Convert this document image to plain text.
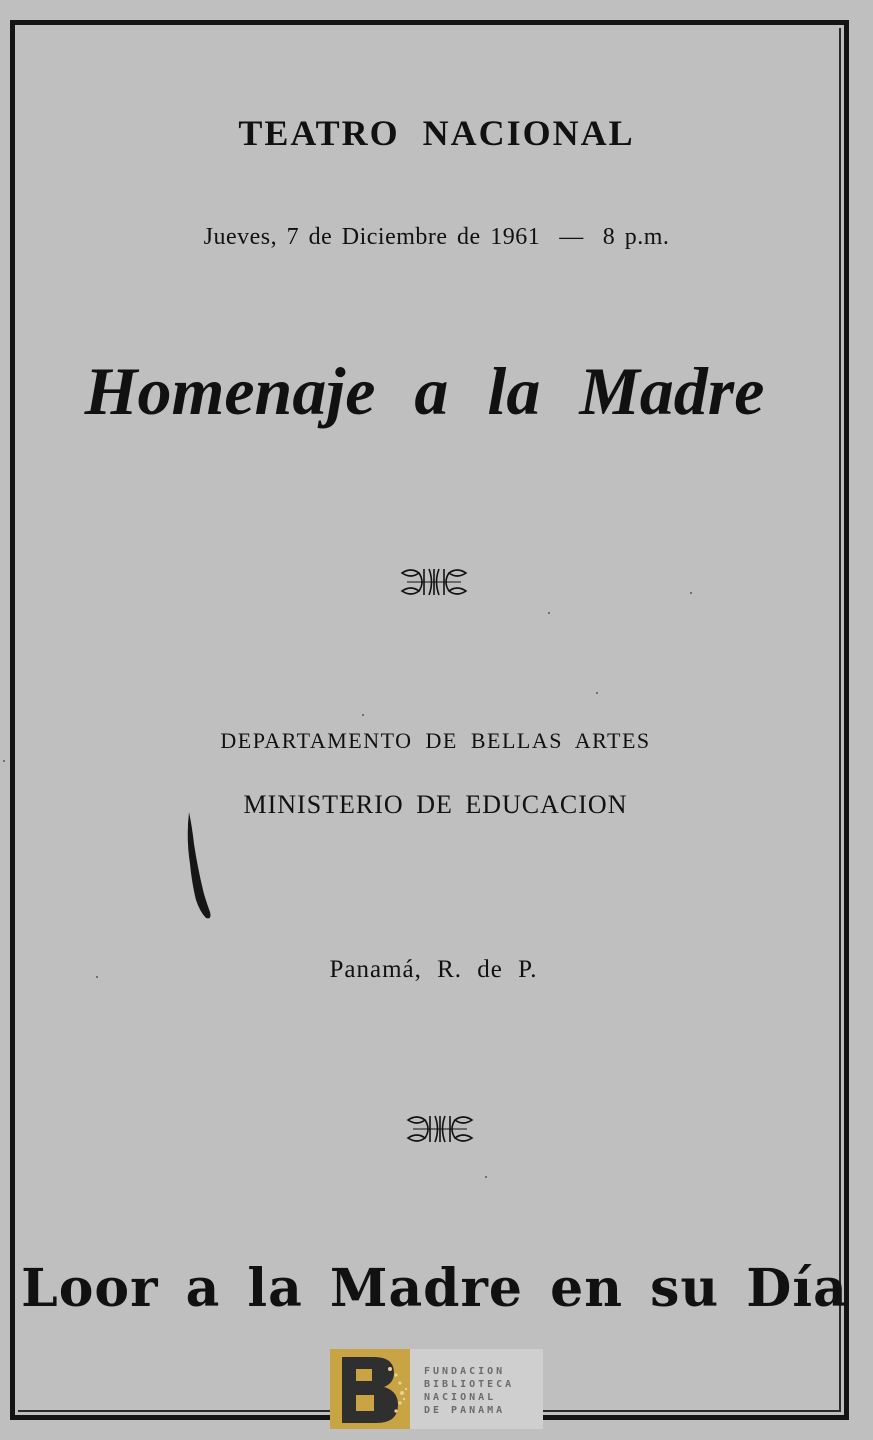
TEATRO NACIONAL
Jueves, 7 de Diciembre de 1961  —  8 p.m.
Homenaje a la Madre
DEPARTAMENTO DE BELLAS ARTES
MINISTERIO DE EDUCACION
Panamá, R. de P.
Loor a la Madre en su Día
FUNDACION
BIBLIOTECA
NACIONAL
DE PANAMA
